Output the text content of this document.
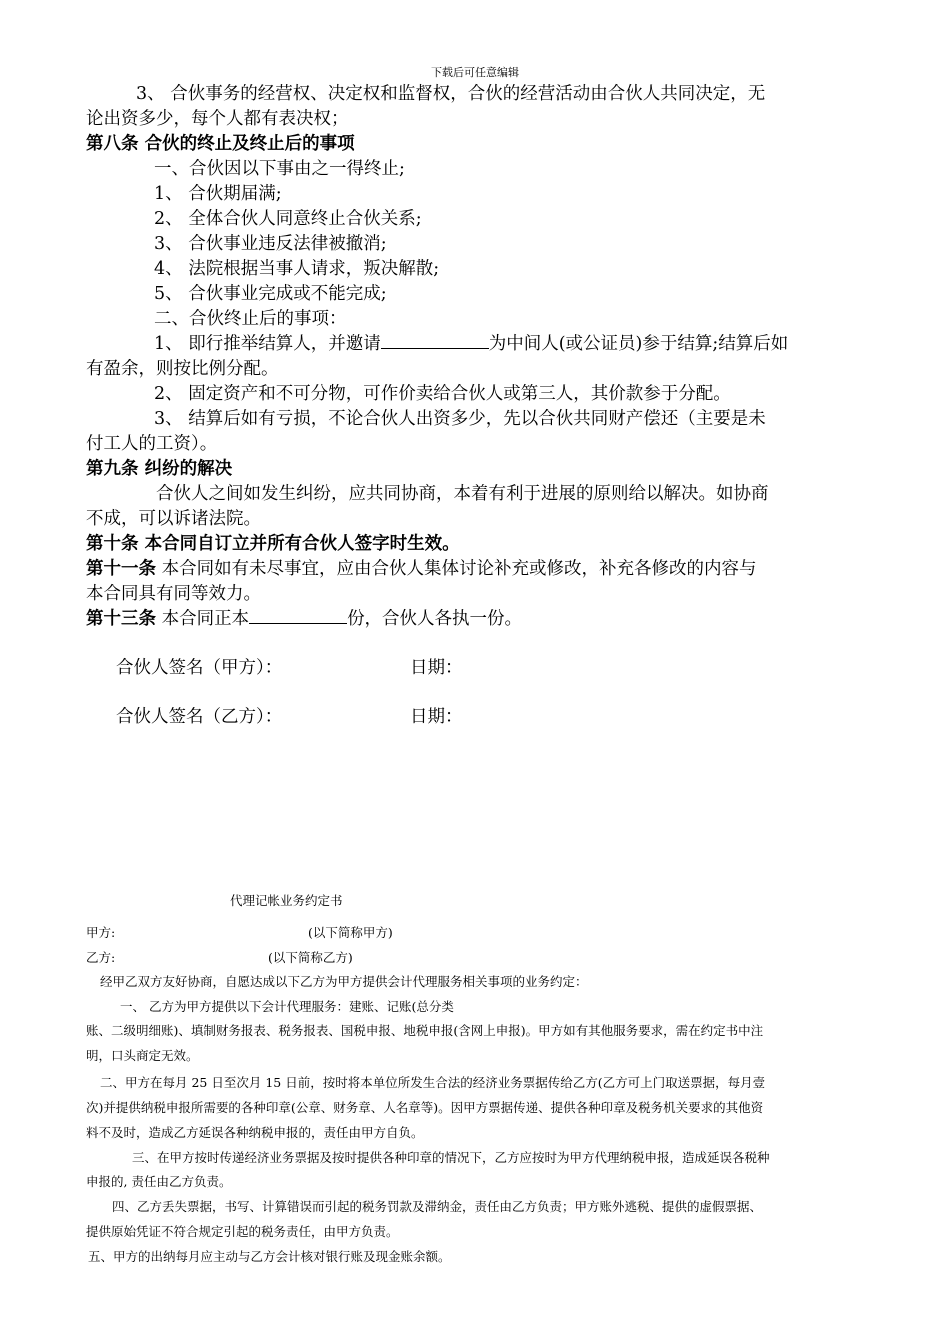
下载后可任意编辑
3、 合伙事务的经营权、决定权和监督权，合伙的经营活动由合伙人共同决定，无
论出资多少，每个人都有表决权；
第八条 合伙的终止及终止后的事项
一、合伙因以下事由之一得终止;
1、 合伙期届满;
2、 全体合伙人同意终止合伙关系;
3、 合伙事业违反法律被撤消;
4、 法院根据当事人请求，叛决解散;
5、 合伙事业完成或不能完成;
二、合伙终止后的事项：
1、 即行推举结算人，并邀请	为中间人(或公证员)参于结算;结算后如
有盈余，则按比例分配。
2、 固定资产和不可分物，可作价卖给合伙人或第三人，其价款参于分配。
3、 结算后如有亏损，不论合伙人出资多少，先以合伙共同财产偿还（主要是未
付工人的工资）。
第九条 纠纷的解决
合伙人之间如发生纠纷，应共同协商，本着有利于进展的原则给以解决。如协商
不成，可以诉诸法院。
第十条 本合同自订立并所有合伙人签字时生效。
第十一条 本合同如有未尽事宜，应由合伙人集体讨论补充或修改，补充各修改的内容与
本合同具有同等效力。
第十三条 本合同正本	份，合伙人各执一份。
合伙人签名（甲方）：	日期：
合伙人签名（乙方）：	日期：
代理记帐业务约定书
甲方:	(以下简称甲方)
乙方:	(以下简称乙方)
经甲乙双方友好协商，自愿达成以下乙方为甲方提供会计代理服务相关事项的业务约定：
一、 乙方为甲方提供以下会计代理服务：建账、记账(总分类
账、二级明细账)、填制财务报表、税务报表、国税申报、地税申报(含网上申报)。甲方如有其他服务要求，需在约定书中注
明，口头商定无效。
二、甲方在每月 25 日至次月 15 日前，按时将本单位所发生合法的经济业务票据传给乙方(乙方可上门取送票据，每月壹
次)并提供纳税申报所需要的各种印章(公章、财务章、人名章等)。因甲方票据传递、提供各种印章及税务机关要求的其他资
料不及时，造成乙方延误各种纳税申报的，责任由甲方自负。
三、在甲方按时传递经济业务票据及按时提供各种印章的情况下，乙方应按时为甲方代理纳税申报，造成延误各税种
申报的, 责任由乙方负责。
四、乙方丢失票据，书写、计算错误而引起的税务罚款及滞纳金，责任由乙方负责；甲方账外逃税、提供的虚假票据、
提供原始凭证不符合规定引起的税务责任，由甲方负责。
五、甲方的出纳每月应主动与乙方会计核对银行账及现金账余额。
